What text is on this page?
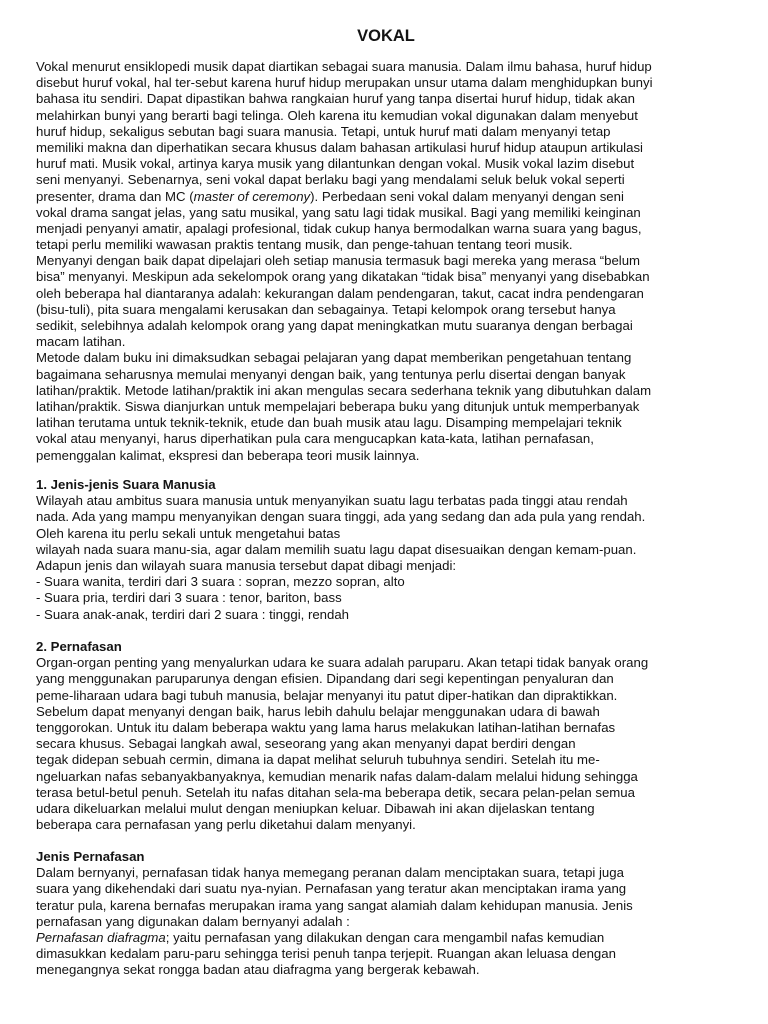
VOKAL
Vokal menurut ensiklopedi musik dapat diartikan sebagai suara manusia. Dalam ilmu bahasa, huruf hidup
disebut huruf vokal, hal ter-sebut karena huruf hidup merupakan unsur utama dalam menghidupkan bunyi
bahasa itu sendiri. Dapat dipastikan bahwa rangkaian huruf yang tanpa disertai huruf hidup, tidak akan
melahirkan bunyi yang berarti bagi telinga. Oleh karena itu kemudian vokal digunakan dalam menyebut
huruf hidup, sekaligus sebutan bagi suara manusia. Tetapi, untuk huruf mati dalam menyanyi tetap
memiliki makna dan diperhatikan secara khusus dalam bahasan artikulasi huruf hidup ataupun artikulasi
huruf mati. Musik vokal, artinya karya musik yang dilantunkan dengan vokal. Musik vokal lazim disebut
seni menyanyi. Sebenarnya, seni vokal dapat berlaku bagi yang mendalami seluk beluk vokal seperti
presenter, drama dan MC (master of ceremony). Perbedaan seni vokal dalam menyanyi dengan seni
vokal drama sangat jelas, yang satu musikal, yang satu lagi tidak musikal. Bagi yang memiliki keinginan
menjadi penyanyi amatir, apalagi profesional, tidak cukup hanya bermodalkan warna suara yang bagus,
tetapi perlu memiliki wawasan praktis tentang musik, dan penge-tahuan tentang teori musik.
Menyanyi dengan baik dapat dipelajari oleh setiap manusia termasuk bagi mereka yang merasa “belum
bisa” menyanyi. Meskipun ada sekelompok orang yang dikatakan “tidak bisa” menyanyi yang disebabkan
oleh beberapa hal diantaranya adalah: kekurangan dalam pendengaran, takut, cacat indra pendengaran
(bisu-tuli), pita suara mengalami kerusakan dan sebagainya. Tetapi kelompok orang tersebut hanya
sedikit, selebihnya adalah kelompok orang yang dapat meningkatkan mutu suaranya dengan berbagai
macam latihan.
Metode dalam buku ini dimaksudkan sebagai pelajaran yang dapat memberikan pengetahuan tentang
bagaimana seharusnya memulai menyanyi dengan baik, yang tentunya perlu disertai dengan banyak
latihan/praktik. Metode latihan/praktik ini akan mengulas secara sederhana teknik yang dibutuhkan dalam
latihan/praktik. Siswa dianjurkan untuk mempelajari beberapa buku yang ditunjuk untuk memperbanyak
latihan terutama untuk teknik-teknik, etude dan buah musik atau lagu. Disamping mempelajari teknik
vokal atau menyanyi, harus diperhatikan pula cara mengucapkan kata-kata, latihan pernafasan,
pemenggalan kalimat, ekspresi dan beberapa teori musik lainnya.
1. Jenis-jenis Suara Manusia
Wilayah atau ambitus suara manusia untuk menyanyikan suatu lagu terbatas pada tinggi atau rendah
nada. Ada yang mampu menyanyikan dengan suara tinggi, ada yang sedang dan ada pula yang rendah.
Oleh karena itu perlu sekali untuk mengetahui batas
wilayah nada suara manu-sia, agar dalam memilih suatu lagu dapat disesuaikan dengan kemam-puan.
Adapun jenis dan wilayah suara manusia tersebut dapat dibagi menjadi:
- Suara wanita, terdiri dari 3 suara : sopran, mezzo sopran, alto
- Suara pria, terdiri dari 3 suara : tenor, bariton, bass
- Suara anak-anak, terdiri dari 2 suara : tinggi, rendah
2. Pernafasan
Organ-organ penting yang menyalurkan udara ke suara adalah paruparu. Akan tetapi tidak banyak orang
yang menggunakan paruparunya dengan efisien. Dipandang dari segi kepentingan penyaluran dan
peme-liharaan udara bagi tubuh manusia, belajar menyanyi itu patut diper-hatikan dan dipraktikkan.
Sebelum dapat menyanyi dengan baik, harus lebih dahulu belajar menggunakan udara di bawah
tenggorokan. Untuk itu dalam beberapa waktu yang lama harus melakukan latihan-latihan bernafas
secara khusus. Sebagai langkah awal, seseorang yang akan menyanyi dapat berdiri dengan
tegak didepan sebuah cermin, dimana ia dapat melihat seluruh tubuhnya sendiri. Setelah itu me-
ngeluarkan nafas sebanyakbanyaknya, kemudian menarik nafas dalam-dalam melalui hidung sehingga
terasa betul-betul penuh. Setelah itu nafas ditahan sela-ma beberapa detik, secara pelan-pelan semua
udara dikeluarkan melalui mulut dengan meniupkan keluar. Dibawah ini akan dijelaskan tentang
beberapa cara pernafasan yang perlu diketahui dalam menyanyi.
Jenis Pernafasan
Dalam bernyanyi, pernafasan tidak hanya memegang peranan dalam menciptakan suara, tetapi juga
suara yang dikehendaki dari suatu nya-nyian. Pernafasan yang teratur akan menciptakan irama yang
teratur pula, karena bernafas merupakan irama yang sangat alamiah dalam kehidupan manusia. Jenis
pernafasan yang digunakan dalam bernyanyi adalah :
Pernafasan diafragma; yaitu pernafasan yang dilakukan dengan cara mengambil nafas kemudian
dimasukkan kedalam paru-paru sehingga terisi penuh tanpa terjepit. Ruangan akan leluasa dengan
menegangnya sekat rongga badan atau diafragma yang bergerak kebawah.
